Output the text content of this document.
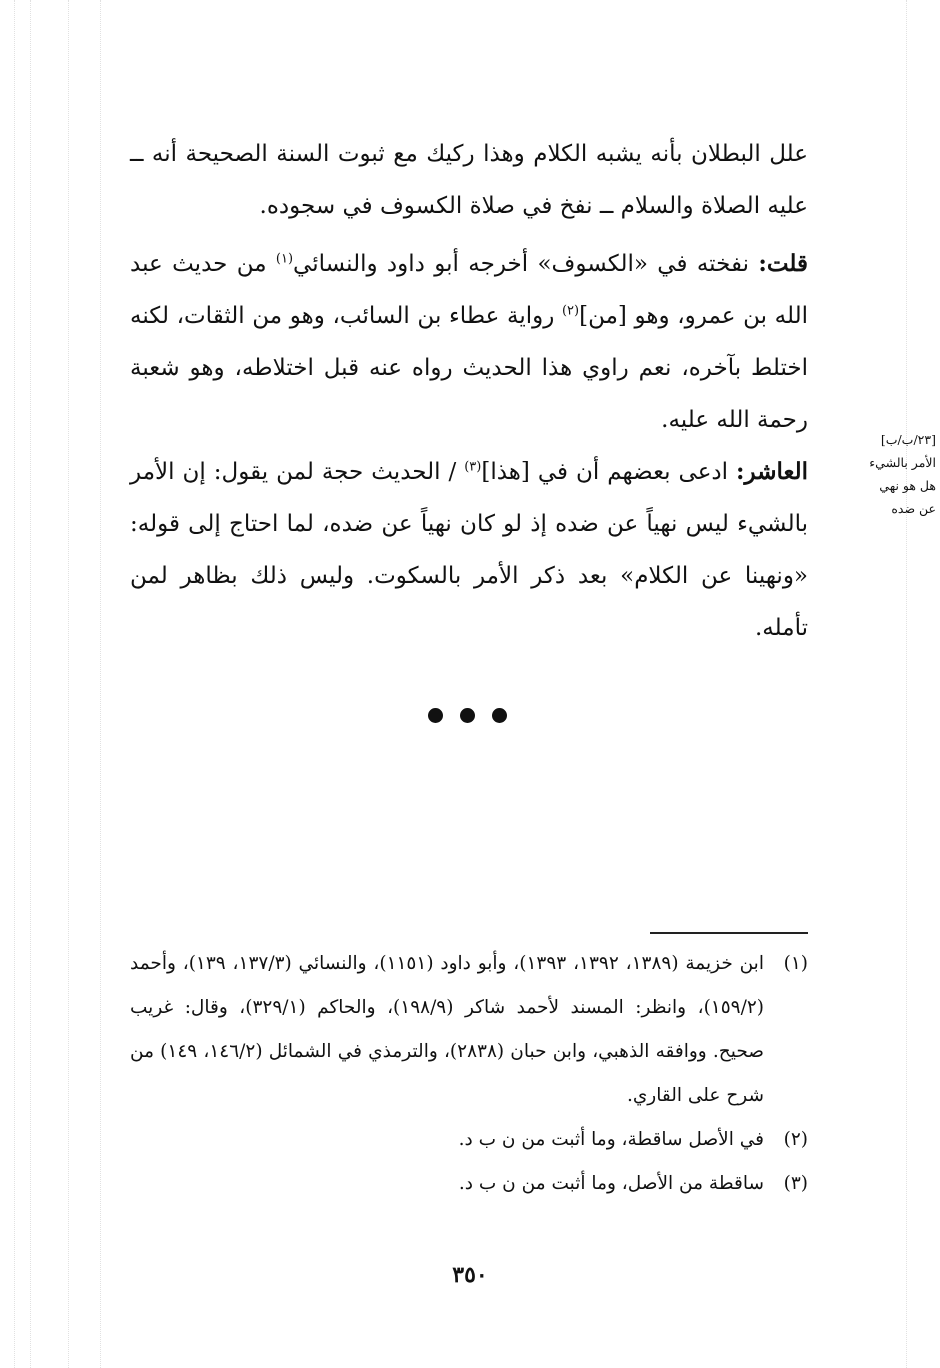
علل البطلان بأنه يشبه الكلام وهذا ركيك مع ثبوت السنة الصحيحة أنه ــ عليه الصلاة والسلام ــ نفخ في صلاة الكسوف في سجوده.

قلت: نفخته في «الكسوف» أخرجه أبو داود والنسائي$^{(١)}$ من حديث عبد الله بن عمرو، وهو [من]$^{(٢)}$ رواية عطاء بن السائب، وهو من الثقات، لكنه اختلط بآخره، نعم راوي هذا الحديث رواه عنه قبل اختلاطه، وهو شعبة رحمة الله عليه.

العاشر: ادعى بعضهم أن في [هذا]$^{(٣)}$ / الحديث حجة لمن يقول: إن الأمر بالشيء ليس نهياً عن ضده إذ لو كان نهياً عن ضده، لما احتاج إلى قوله: «ونهينا عن الكلام» بعد ذكر الأمر بالسكوت. وليس ذلك بظاهر لمن تأمله.

[٢٣/ب/ب]
الأمر بالشيء
هل هو نهي
عن ضده
(١)
ابن خزيمة (١٣٨٩، ١٣٩٢، ١٣٩٣)، وأبو داود (١١٥١)، والنسائي (١٣٧/٣، ١٣٩)، وأحمد (١٥٩/٢)، وانظر: المسند لأحمد شاكر (١٩٨/٩)، والحاكم (٣٢٩/١)، وقال: غريب صحيح. ووافقه الذهبي، وابن حبان (٢٨٣٨)، والترمذي في الشمائل (١٤٦/٢، ١٤٩) من شرح على القاري.
(٢)
في الأصل ساقطة، وما أثبت من ن ب د.
(٣)
ساقطة من الأصل، وما أثبت من ن ب د.
٣٥٠
